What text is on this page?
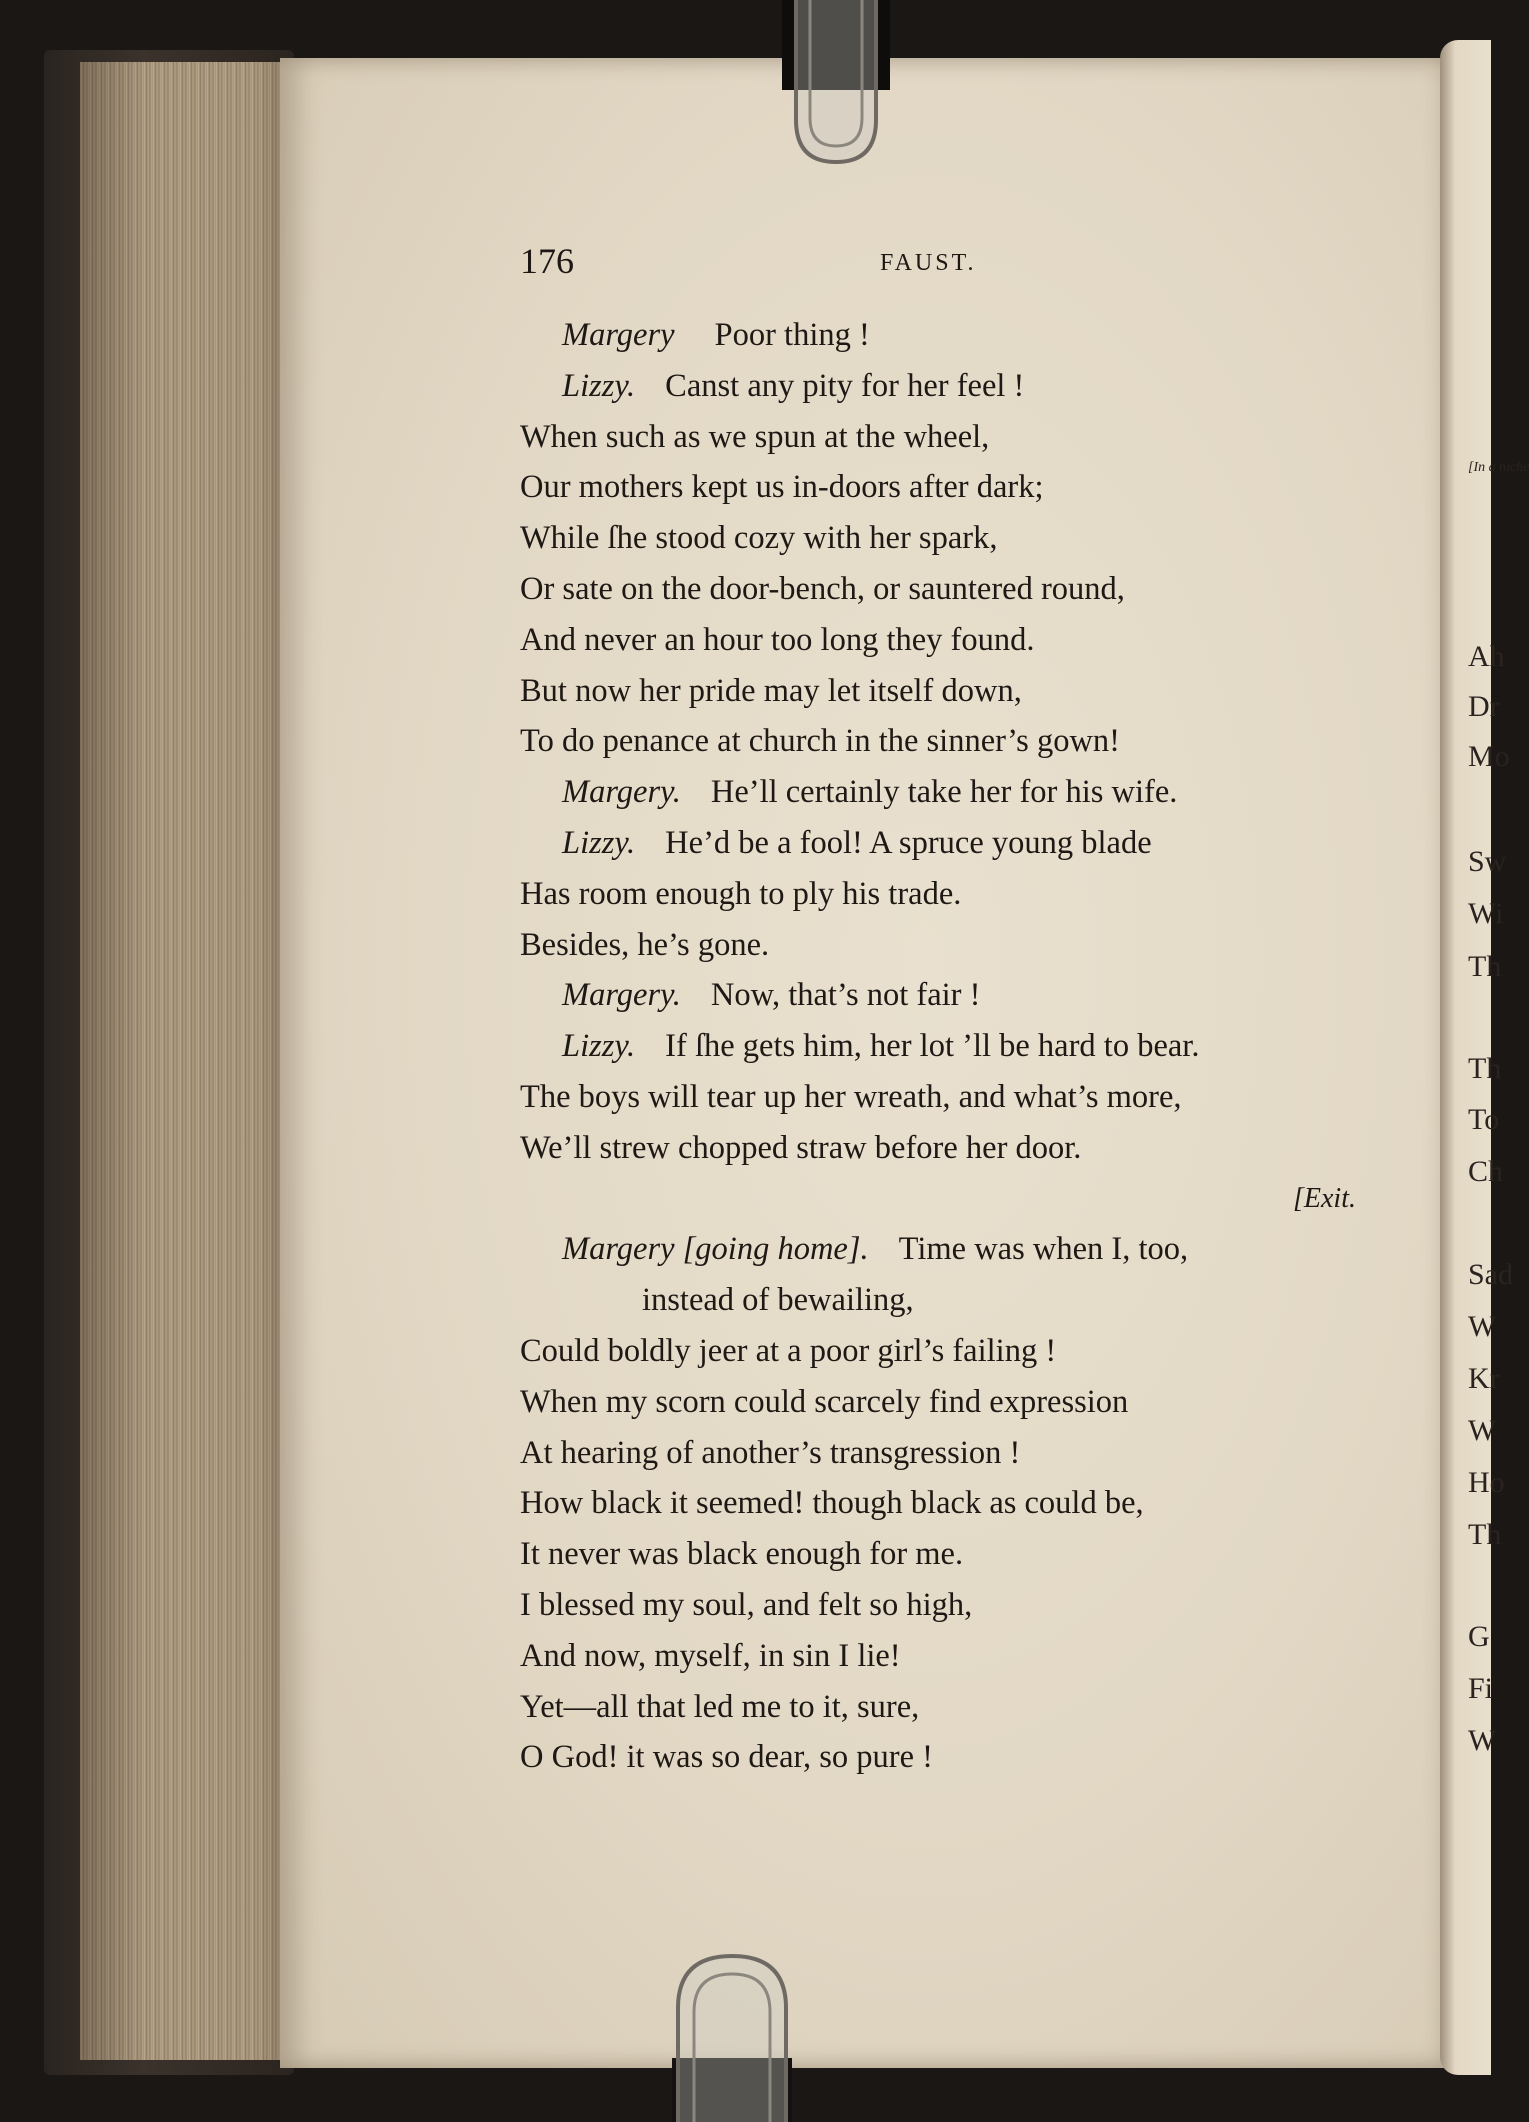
[In a niche
Ah
Dr
Mo
Sw
Wi
Th
Th
To
Ch
Sad
W
Kr
W
Ho
Th
G
Fi
W
176	FAUST.
Margery Poor thing !
Lizzy. Canst any pity for her feel !
When such as we spun at the wheel,
Our mothers kept us in-doors after dark;
While ſhe stood cozy with her spark,
Or sate on the door-bench, or sauntered round,
And never an hour too long they found.
But now her pride may let itself down,
To do penance at church in the sinner’s gown!
Margery. He’ll certainly take her for his wife.
Lizzy. He’d be a fool! A spruce young blade
Has room enough to ply his trade.
Besides, he’s gone.
Margery. Now, that’s not fair !
Lizzy. If ſhe gets him, her lot ’ll be hard to bear.
The boys will tear up her wreath, and what’s more,
We’ll strew chopped straw before her door.
[Exit.
Margery [going home]. Time was when I, too,
instead of bewailing,
Could boldly jeer at a poor girl’s failing !
When my scorn could scarcely find expression
At hearing of another’s transgression !
How black it seemed! though black as could be,
It never was black enough for me.
I blessed my soul, and felt so high,
And now, myself, in sin I lie!
Yet—all that led me to it, sure,
O God! it was so dear, so pure !
